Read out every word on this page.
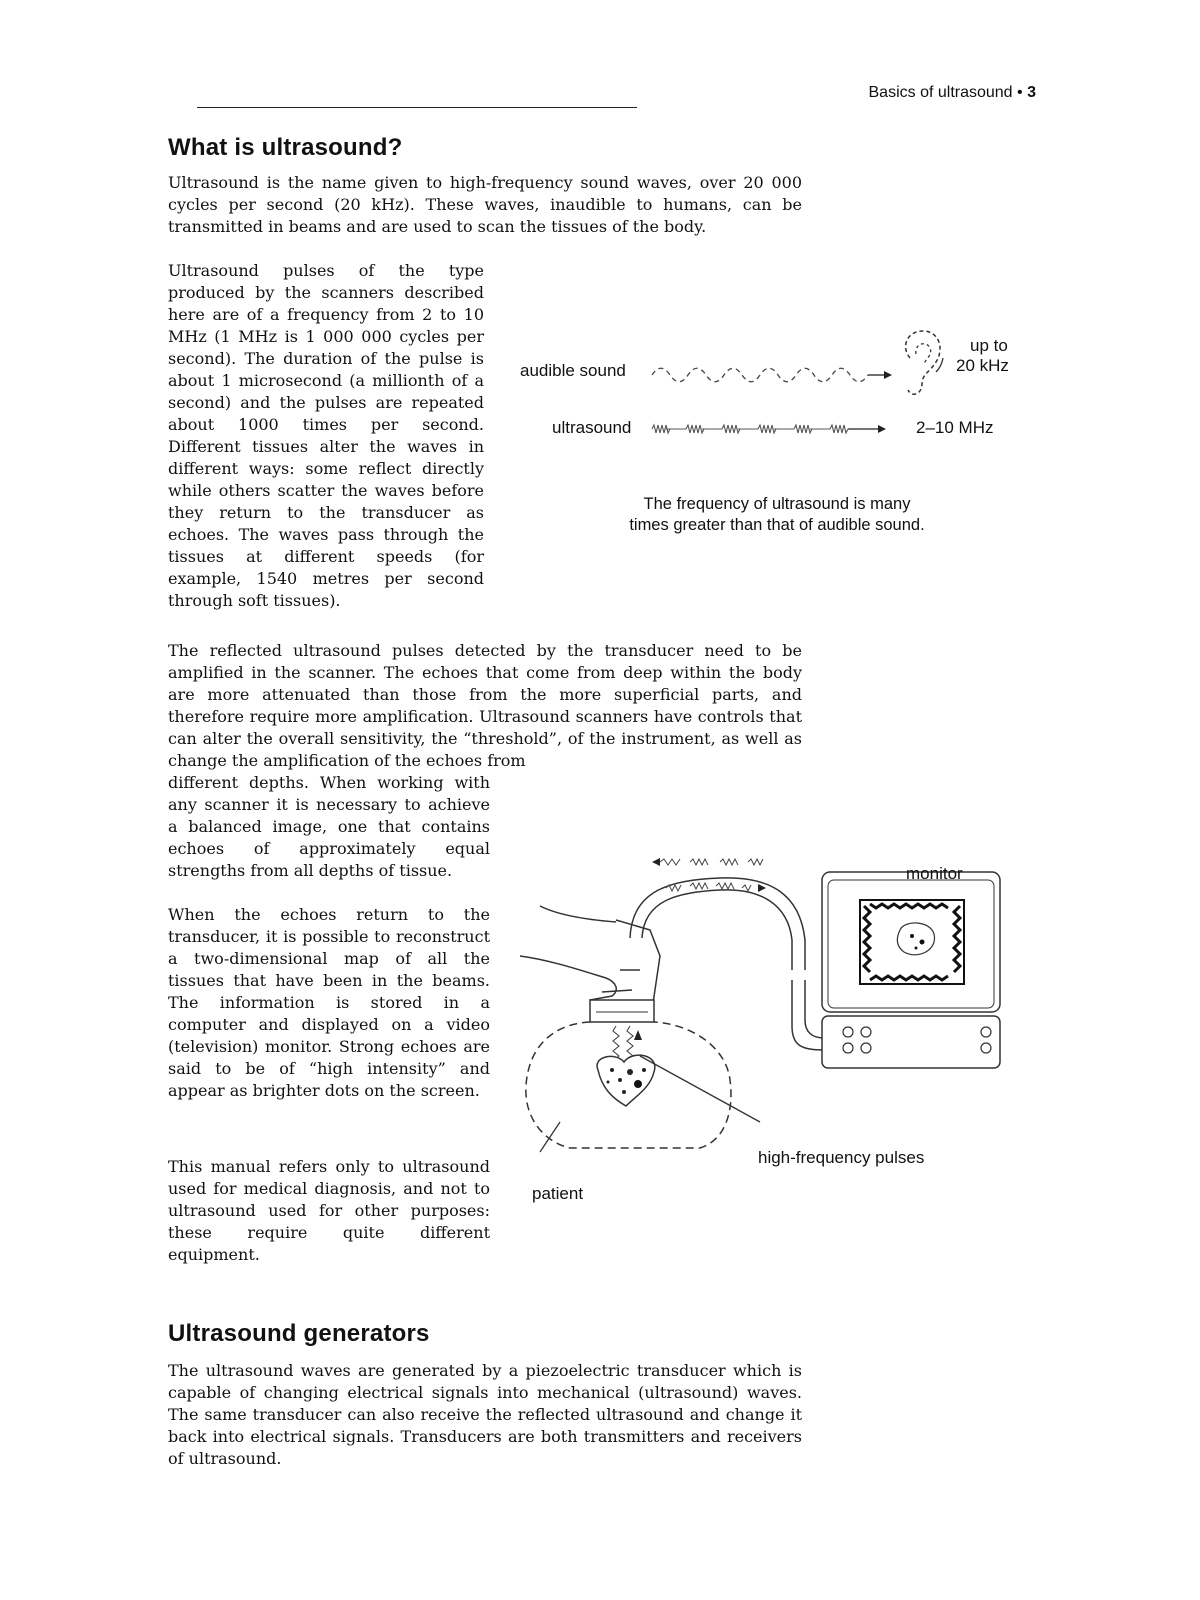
Basics of ultrasound • 3
What is ultrasound?

Ultrasound is the name given to high-frequency sound waves, over 20 000 cycles per second (20 kHz). These waves, inaudible to humans, can be transmitted in beams and are used to scan the tissues of the body.

Ultrasound pulses of the type produced by the scanners described here are of a frequency from 2 to 10 MHz (1 MHz is 1 000 000 cycles per second). The duration of the pulse is about 1 microsecond (a millionth of a second) and the pulses are repeated about 1000 times per second. Different tissues alter the waves in different ways: some reflect directly while others scatter the waves before they return to the transducer as echoes. The waves pass through the tissues at different speeds (for example, 1540 metres per second through soft tissues).

The reflected ultrasound pulses detected by the transducer need to be amplified in the scanner. The echoes that come from deep within the body are more attenuated than those from the more superficial parts, and therefore require more amplification. Ultrasound scanners have controls that can alter the overall sensitivity, the “threshold”, of the instrument, as well as change the amplification of the echoes from

different depths. When working with any scanner it is necessary to achieve a balanced image, one that contains echoes of approximately equal strengths from all depths of tissue.

When the echoes return to the transducer, it is possible to reconstruct a two-dimensional map of all the tissues that have been in the beams. The information is stored in a computer and displayed on a video (television) monitor. Strong echoes are said to be of “high intensity” and appear as brighter dots on the screen.

This manual refers only to ultrasound used for medical diagnosis, and not to ultrasound used for other purposes: these require quite different equipment.

audible sound
up to
20 kHz
ultrasound	2–10 MHz
The frequency of ultrasound is many
times greater than that of audible sound.
monitor
high-frequency pulses
patient
Ultrasound generators

The ultrasound waves are generated by a piezoelectric transducer which is capable of changing electrical signals into mechanical (ultrasound) waves. The same transducer can also receive the reflected ultrasound and change it back into electrical signals. Transducers are both transmitters and receivers of ultrasound.
